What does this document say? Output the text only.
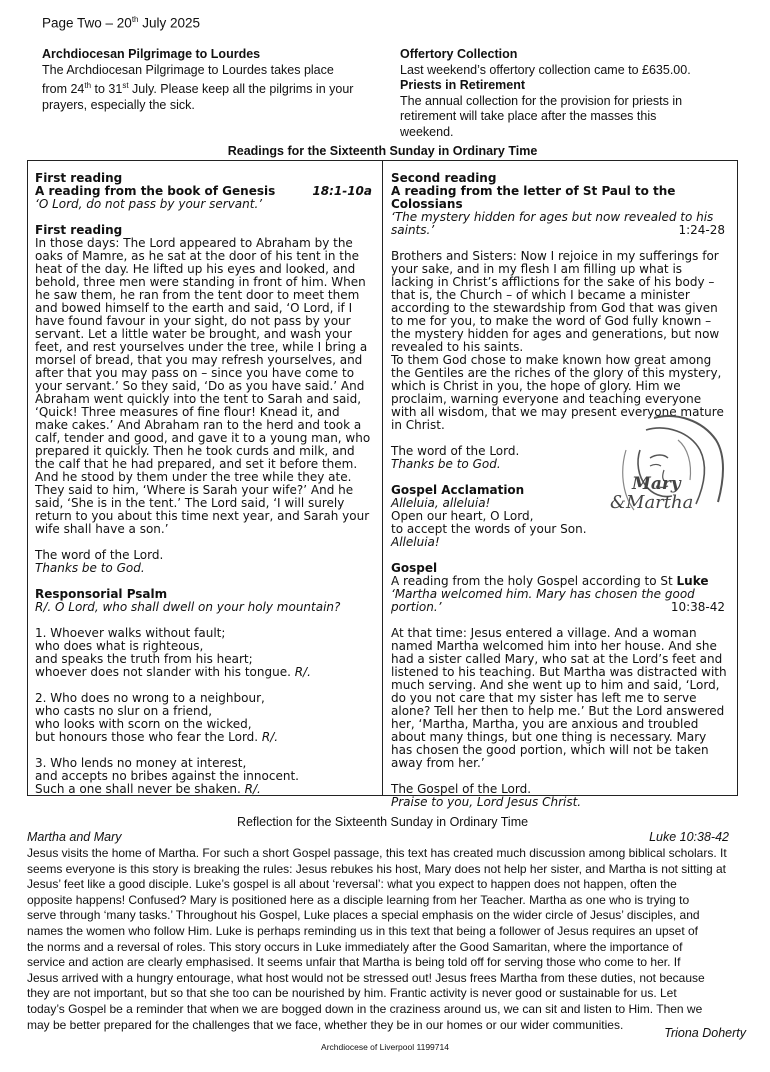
Page Two – 20th July 2025
Archdiocesan Pilgrimage to Lourdes
The Archdiocesan Pilgrimage to Lourdes takes place
from 24th to 31st July. Please keep all the pilgrims in your
prayers, especially the sick.
Offertory Collection
Last weekend’s offertory collection came to £635.00.
Priests in Retirement
The annual collection for the provision for priests in
retirement will take place after the masses this
weekend.
Readings for the Sixteenth Sunday in Ordinary Time

First reading

A reading from the book of Genesis	18:1-10a

‘O Lord, do not pass by your servant.’

First reading

In those days: The Lord appeared to Abraham by the

oaks of Mamre, as he sat at the door of his tent in the

heat of the day. He lifted up his eyes and looked, and

behold, three men were standing in front of him. When

he saw them, he ran from the tent door to meet them

and bowed himself to the earth and said, ‘O Lord, if I

have found favour in your sight, do not pass by your

servant. Let a little water be brought, and wash your

feet, and rest yourselves under the tree, while I bring a

morsel of bread, that you may refresh yourselves, and

after that you may pass on – since you have come to

your servant.’ So they said, ‘Do as you have said.’ And

Abraham went quickly into the tent to Sarah and said,

‘Quick! Three measures of fine flour! Knead it, and

make cakes.’ And Abraham ran to the herd and took a

calf, tender and good, and gave it to a young man, who

prepared it quickly. Then he took curds and milk, and

the calf that he had prepared, and set it before them.

And he stood by them under the tree while they ate.

They said to him, ‘Where is Sarah your wife?’ And he

said, ‘She is in the tent.’ The Lord said, ‘I will surely

return to you about this time next year, and Sarah your

wife shall have a son.’

The word of the Lord.

Thanks be to God.

Responsorial Psalm

R/. O Lord, who shall dwell on your holy mountain?

1. Whoever walks without fault;

who does what is righteous,

and speaks the truth from his heart;

whoever does not slander with his tongue. R/.

2. Who does no wrong to a neighbour,

who casts no slur on a friend,

who looks with scorn on the wicked,

but honours those who fear the Lord. R/.

3. Who lends no money at interest,

and accepts no bribes against the innocent.

Such a one shall never be shaken. R/.

Second reading

A reading from the letter of St Paul to the Colossians

‘The mystery hidden for ages but now revealed to his

saints.’	1:24-28

Brothers and Sisters: Now I rejoice in my sufferings for

your sake, and in my flesh I am filling up what is

lacking in Christ’s afflictions for the sake of his body –

that is, the Church – of which I became a minister

according to the stewardship from God that was given

to me for you, to make the word of God fully known –

the mystery hidden for ages and generations, but now

revealed to his saints.

To them God chose to make known how great among

the Gentiles are the riches of the glory of this mystery,

which is Christ in you, the hope of glory. Him we

proclaim, warning everyone and teaching everyone

with all wisdom, that we may present everyone mature

in Christ.

The word of the Lord.

Thanks be to God.

Gospel Acclamation

Alleluia, alleluia!

Open our heart, O Lord,

to accept the words of your Son.

Alleluia!

Gospel

A reading from the holy Gospel according to St Luke

‘Martha welcomed him. Mary has chosen the good

portion.’	10:38-42

At that time: Jesus entered a village. And a woman

named Martha welcomed him into her house. And she

had a sister called Mary, who sat at the Lord’s feet and

listened to his teaching. But Martha was distracted with

much serving. And she went up to him and said, ‘Lord,

do you not care that my sister has left me to serve

alone? Tell her then to help me.’ But the Lord answered

her, ‘Martha, Martha, you are anxious and troubled

about many things, but one thing is necessary. Mary

has chosen the good portion, which will not be taken

away from her.’

The Gospel of the Lord.

Praise to you, Lord Jesus Christ.

Mary
&Martha
Reflection for the Sixteenth Sunday in Ordinary Time
Martha and Mary	Luke 10:38-42

Jesus visits the home of Martha. For such a short Gospel passage, this text has created much discussion among biblical scholars. It

seems everyone is this story is breaking the rules: Jesus rebukes his host, Mary does not help her sister, and Martha is not sitting at

Jesus’ feet like a good disciple. Luke’s gospel is all about ‘reversal’: what you expect to happen does not happen, often the

opposite happens! Confused? Mary is positioned here as a disciple learning from her Teacher. Martha as one who is trying to

serve through ‘many tasks.’ Throughout his Gospel, Luke places a special emphasis on the wider circle of Jesus’ disciples, and

names the women who follow Him. Luke is perhaps reminding us in this text that being a follower of Jesus requires an upset of

the norms and a reversal of roles. This story occurs in Luke immediately after the Good Samaritan, where the importance of

service and action are clearly emphasised. It seems unfair that Martha is being told off for serving those who come to her. If

Jesus arrived with a hungry entourage, what host would not be stressed out! Jesus frees Martha from these duties, not because

they are not important, but so that she too can be nourished by him. Frantic activity is never good or sustainable for us. Let

today’s Gospel be a reminder that when we are bogged down in the craziness around us, we can sit and listen to Him. Then we

may be better prepared for the challenges that we face, whether they be in our homes or our wider communities.

Triona Doherty
Archdiocese of Liverpool 1199714
